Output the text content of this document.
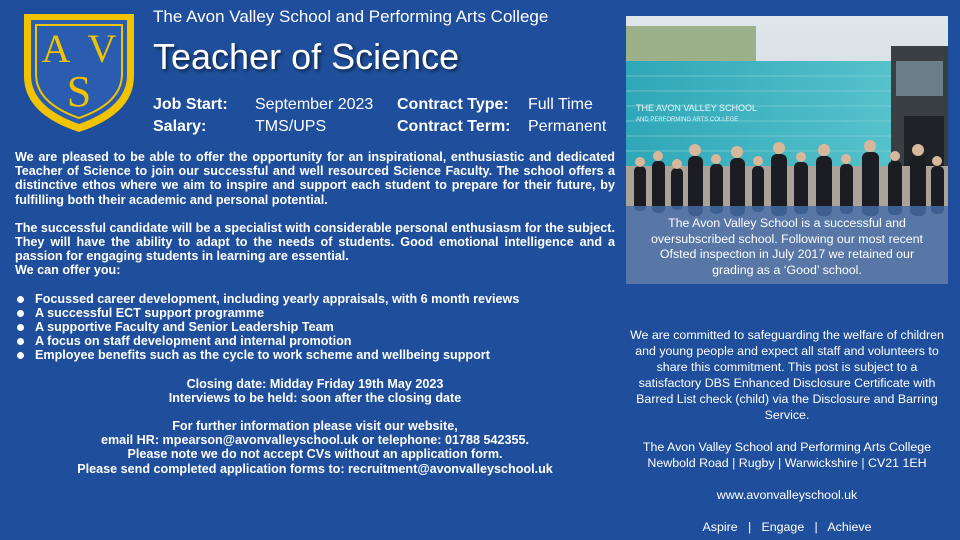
A V
S
The Avon Valley School and Performing Arts College
Teacher of Science
Job Start: September 2023
Salary:	TMS/UPS
Contract Type: Full Time
Contract Term: Permanent

We are pleased to be able to offer the opportunity for an inspirational, enthusiastic and dedicated Teacher of Science to join our successful and well resourced Science Faculty. The school offers a distinctive ethos where we aim to inspire and support each student to prepare for their future, by fulfilling both their academic and personal potential.

The successful candidate will be a specialist with considerable personal enthusiasm for the subject. They will have the ability to adapt to the needs of students. Good emotional intelligence and a passion for engaging students in learning are essential.

We can offer you:

Focussed career development, including yearly appraisals, with 6 month reviews
A successful ECT support programme
A supportive Faculty and Senior Leadership Team
A focus on staff development and internal promotion
Employee benefits such as the cycle to work scheme and wellbeing support
Closing date: Midday Friday 19th May 2023
Interviews to be held: soon after the closing date
For further information please visit our website,
email HR: mpearson@avonvalleyschool.uk or telephone: 01788 542355.
Please note we do not accept CVs without an application form.
Please send completed application forms to: recruitment@avonvalleyschool.uk
THE AVON VALLEY SCHOOL
AND PERFORMING ARTS COLLEGE
The Avon Valley School is a successful and oversubscribed school. Following our most recent Ofsted inspection in July 2017 we retained our grading as a ‘Good’ school.

We are committed to safeguarding the welfare of children and young people and expect all staff and volunteers to share this commitment. This post is subject to a satisfactory DBS Enhanced Disclosure Certificate with Barred List check (child) via the Disclosure and Barring Service.

The Avon Valley School and Performing Arts College
Newbold Road | Rugby | Warwickshire | CV21 1EH

www.avonvalleyschool.uk

Aspire   |   Engage   |   Achieve
